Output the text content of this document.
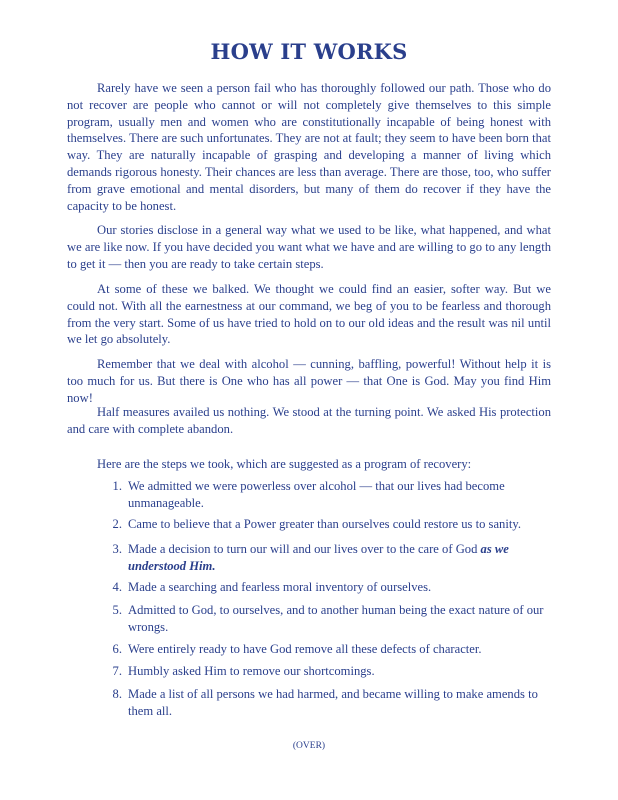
HOW IT WORKS

Rarely have we seen a person fail who has thoroughly followed our path. Those who do not recover are people who cannot or will not completely give themselves to this simple program, usually men and women who are constitutionally incapable of being honest with themselves. There are such unfortunates. They are not at fault; they seem to have been born that way. They are naturally incapable of grasping and developing a manner of living which demands rigorous honesty. Their chances are less than average. There are those, too, who suffer from grave emotional and mental disorders, but many of them do recover if they have the capacity to be honest.

Our stories disclose in a general way what we used to be like, what happened, and what we are like now. If you have decided you want what we have and are willing to go to any length to get it — then you are ready to take certain steps.

At some of these we balked. We thought we could find an easier, softer way. But we could not. With all the earnestness at our command, we beg of you to be fearless and thorough from the very start. Some of us have tried to hold on to our old ideas and the result was nil until we let go absolutely.

Remember that we deal with alcohol — cunning, baffling, powerful! Without help it is too much for us. But there is One who has all power — that One is God. May you find Him now!

Half measures availed us nothing. We stood at the turning point. We asked His protection and care with complete abandon.

Here are the steps we took, which are suggested as a program of recovery:

1. We admitted we were powerless over alcohol — that our lives had become unmanageable.
2. Came to believe that a Power greater than ourselves could restore us to sanity.
3. Made a decision to turn our will and our lives over to the care of God as we understood Him.
4. Made a searching and fearless moral inventory of ourselves.
5. Admitted to God, to ourselves, and to another human being the exact nature of our wrongs.
6. Were entirely ready to have God remove all these defects of character.
7. Humbly asked Him to remove our shortcomings.
8. Made a list of all persons we had harmed, and became willing to make amends to them all.

(OVER)
